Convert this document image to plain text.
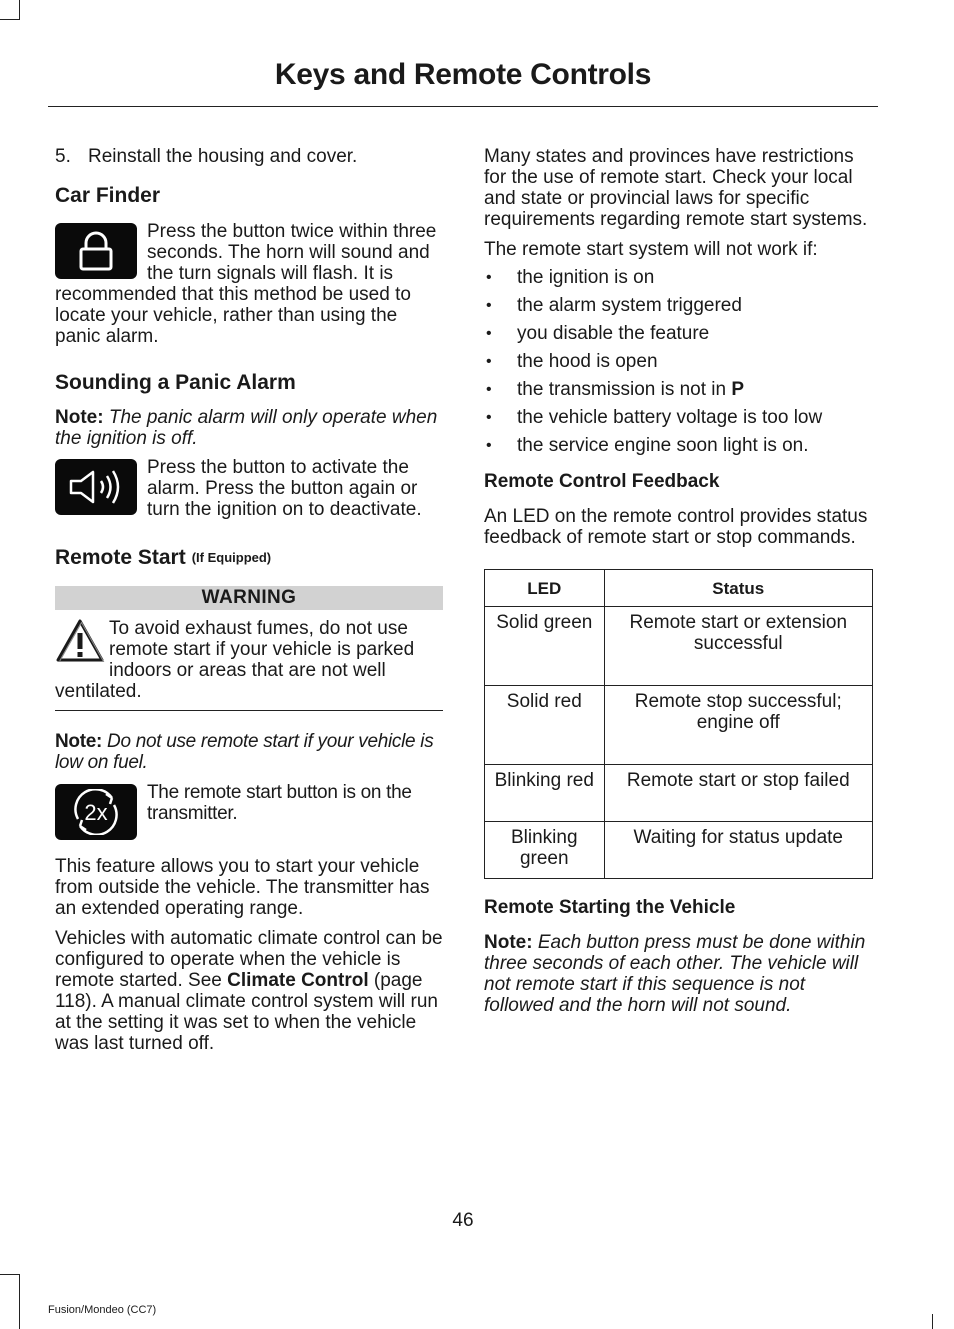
Keys and Remote Controls

5. Reinstall the housing and cover.

Car Finder

Press the button twice within three seconds. The horn will sound and the turn signals will flash. It is recommended that this method be used to locate your vehicle, rather than using the panic alarm.

Sounding a Panic Alarm

Note: The panic alarm will only operate when the ignition is off.

Press the button to activate the alarm. Press the button again or turn the ignition on to deactivate.

Remote Start (If Equipped)
WARNING

To avoid exhaust fumes, do not use remote start if your vehicle is parked indoors or areas that are not well ventilated.

Note: Do not use remote start if your vehicle is low on fuel.

2x

The remote start button is on the transmitter.

This feature allows you to start your vehicle from outside the vehicle. The transmitter has an extended operating range.

Vehicles with automatic climate control can be configured to operate when the vehicle is remote started. See Climate Control (page 118). A manual climate control system will run at the setting it was set to when the vehicle was last turned off.

Many states and provinces have restrictions for the use of remote start. Check your local and state or provincial laws for specific requirements regarding remote start systems.

The remote start system will not work if:

• the ignition is on
• the alarm system triggered
• you disable the feature
• the hood is open
• the transmission is not in P
• the vehicle battery voltage is too low
• the service engine soon light is on.
Remote Control Feedback

An LED on the remote control provides status feedback of remote start or stop commands.

LED	Status
Solid green	Remote start or extension successful
Solid red	Remote stop successful; engine off
Blinking red	Remote start or stop failed
Blinking green	Waiting for status update
Remote Starting the Vehicle

Note: Each button press must be done within three seconds of each other. The vehicle will not remote start if this sequence is not followed and the horn will not sound.

46
Fusion/Mondeo (CC7)
